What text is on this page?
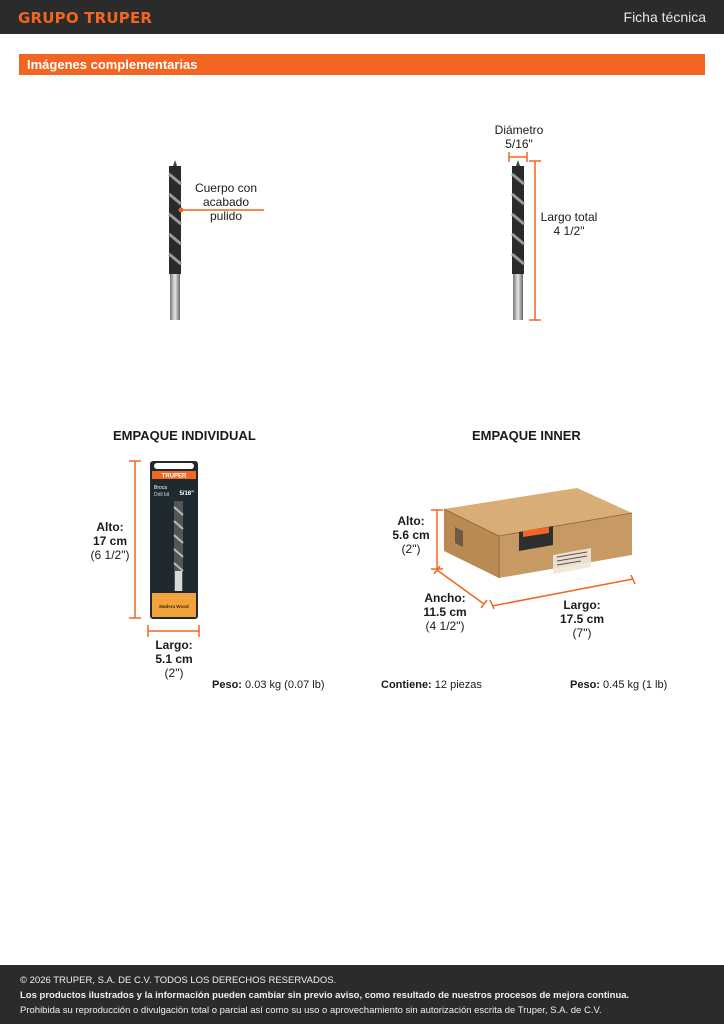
GRUPO TRUPER	Ficha técnica
Imágenes complementarias
Cuerpo con
acabado pulido
Diámetro
5/16"
Largo total
4 1/2"
EMPAQUE INDIVIDUAL
Alto:
17 cm
(6 1/2")
TRUPER
Broca
Drill bit 5/16"
Madera Wood
Largo:
5.1 cm
(2")
Peso: 0.03 kg (0.07 lb)
EMPAQUE INNER
Alto:
5.6 cm
(2")
Ancho:
11.5 cm
(4 1/2")
Largo:
17.5 cm
(7")
Contiene: 12 piezas	Peso: 0.45 kg (1 lb)
© 2026 TRUPER, S.A. DE C.V. TODOS LOS DERECHOS RESERVADOS.
Los productos ilustrados y la información pueden cambiar sin previo aviso, como resultado de nuestros procesos de mejora continua.
Prohibida su reproducción o divulgación total o parcial así como su uso o aprovechamiento sin autorización escrita de Truper, S.A. de C.V.
